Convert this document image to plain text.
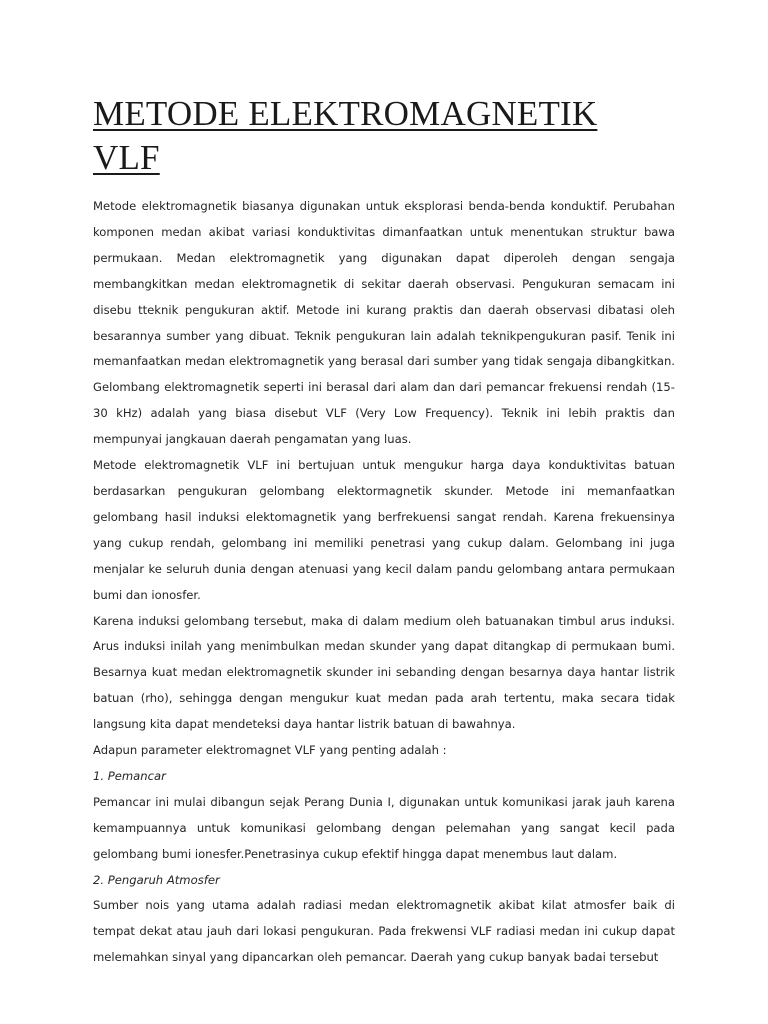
METODE ELEKTROMAGNETIK VLF

Metode elektromagnetik biasanya digunakan untuk eksplorasi benda-benda konduktif. Perubahan komponen medan akibat variasi konduktivitas dimanfaatkan untuk menentukan struktur bawa permukaan. Medan elektromagnetik yang digunakan dapat diperoleh dengan sengaja membangkitkan medan elektromagnetik di sekitar daerah observasi. Pengukuran semacam ini disebu tteknik pengukuran aktif. Metode ini kurang praktis dan daerah observasi dibatasi oleh besarannya sumber yang dibuat. Teknik pengukuran lain adalah teknikpengukuran pasif. Tenik ini memanfaatkan medan elektromagnetik yang berasal dari sumber yang tidak sengaja dibangkitkan. Gelombang elektromagnetik seperti ini berasal dari alam dan dari pemancar frekuensi rendah (15-30 kHz) adalah yang biasa disebut VLF (Very Low Frequency). Teknik ini lebih praktis dan mempunyai jangkauan daerah pengamatan yang luas.

Metode elektromagnetik VLF ini bertujuan untuk mengukur harga daya konduktivitas batuan berdasarkan pengukuran gelombang elektormagnetik skunder. Metode ini memanfaatkan gelombang hasil induksi elektomagnetik yang berfrekuensi sangat rendah. Karena frekuensinya yang cukup rendah, gelombang ini memiliki penetrasi yang cukup dalam. Gelombang ini juga menjalar ke seluruh dunia dengan atenuasi yang kecil dalam pandu gelombang antara permukaan bumi dan ionosfer.

Karena induksi gelombang tersebut, maka di dalam medium oleh batuanakan timbul arus induksi. Arus induksi inilah yang menimbulkan medan skunder yang dapat ditangkap di permukaan bumi. Besarnya kuat medan elektromagnetik skunder ini sebanding dengan besarnya daya hantar listrik batuan (rho), sehingga dengan mengukur kuat medan pada arah tertentu, maka secara tidak langsung kita dapat mendeteksi daya hantar listrik batuan di bawahnya.

Adapun parameter elektromagnet VLF yang penting adalah :

1. Pemancar

Pemancar ini mulai dibangun sejak Perang Dunia I, digunakan untuk komunikasi jarak jauh karena kemampuannya untuk komunikasi gelombang dengan pelemahan yang sangat kecil pada gelombang bumi ionesfer.Penetrasinya cukup efektif hingga dapat menembus laut dalam.

2. Pengaruh Atmosfer

Sumber nois yang utama adalah radiasi medan elektromagnetik akibat kilat atmosfer baik di tempat dekat atau jauh dari lokasi pengukuran. Pada frekwensi VLF radiasi medan ini cukup dapat melemahkan sinyal yang dipancarkan oleh pemancar. Daerah yang cukup banyak badai tersebut
